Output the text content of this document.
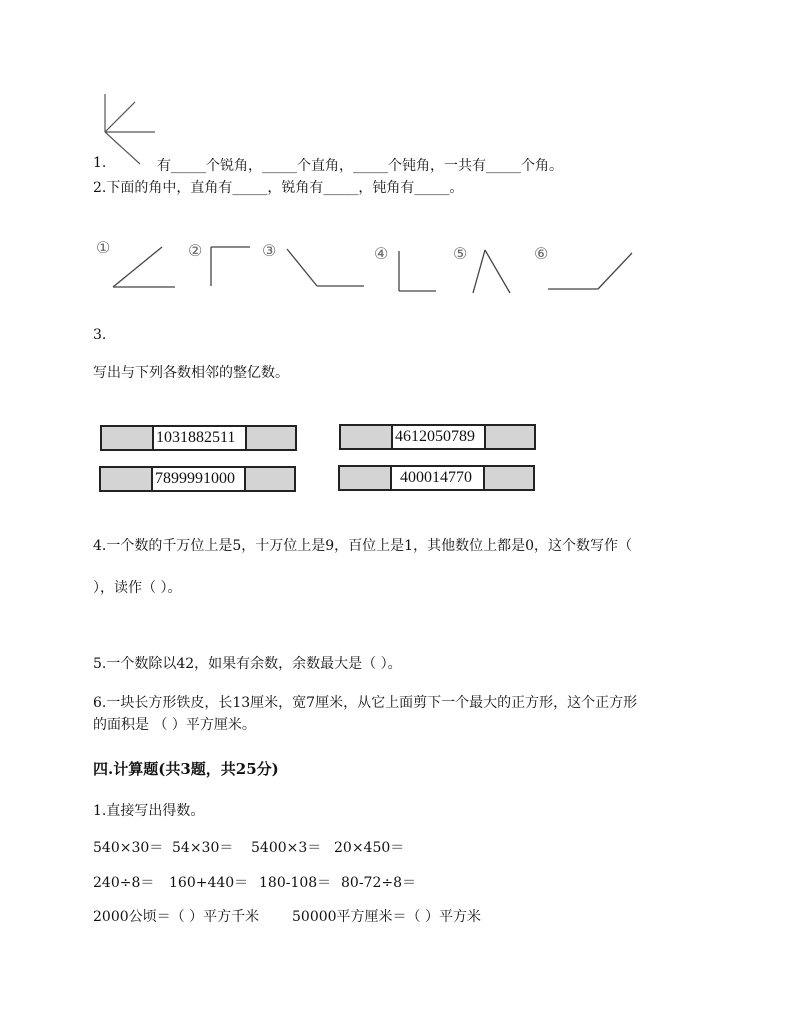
1.	有_____个锐角，_____个直角，_____个钝角，一共有_____个角。
2.下面的角中，直角有_____，锐角有_____，钝角有_____。
①	②	③	④	⑤	⑥
3.
写出与下列各数相邻的整亿数。
1031882511	4612050789
7899991000	400014770
4.一个数的千万位上是5，十万位上是9，百位上是1，其他数位上都是0，这个数写作（
），读作（ ）。
5.一个数除以42，如果有余数，余数最大是（ ）。
6.一块长方形铁皮，长13厘米，宽7厘米，从它上面剪下一个最大的正方形，这个正方形
的面积是 （ ）平方厘米。
四.计算题(共3题，共25分)
1.直接写出得数。
540×30＝ 54×30＝ 5400×3＝ 20×450＝
240÷8＝ 160+440＝ 180-108＝ 80-72÷8＝
2000公顷＝（ ）平方千米 50000平方厘米＝（ ）平方米
